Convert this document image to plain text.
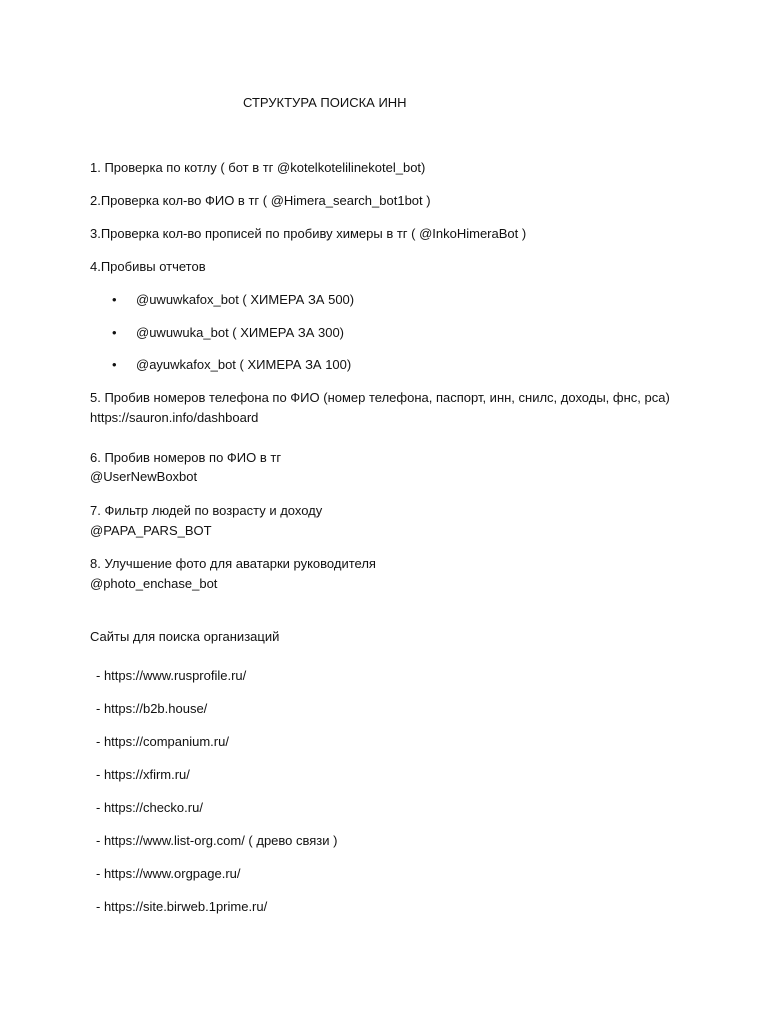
СТРУКТУРА ПОИСКА ИНН
1. Проверка по котлу ( бот в тг @kotelkotelilinekotel_bot)
2.Проверка кол-во ФИО в тг ( @Himera_search_bot1bot )
3.Проверка кол-во прописей по пробиву химеры в тг ( @InkoHimeraBot )
4.Пробивы отчетов
• @uwuwkafox_bot ( ХИМЕРА ЗА 500)
• @uwuwuka_bot ( ХИМЕРА ЗА 300)
• @ayuwkafox_bot ( ХИМЕРА ЗА 100)
5. Пробив номеров телефона по ФИО (номер телефона, паспорт, инн, снилс, доходы, фнс, рса)
https://sauron.info/dashboard
6. Пробив номеров по ФИО в тг
@UserNewBoxbot
7. Фильтр людей по возрасту и доходу
@PAPA_PARS_BOT
8. Улучшение фото для аватарки руководителя
@photo_enchase_bot
Сайты для поиска организаций
- https://www.rusprofile.ru/
- https://b2b.house/
- https://companium.ru/
- https://xfirm.ru/
- https://checko.ru/
- https://www.list-org.com/ ( древо связи )
- https://www.orgpage.ru/
- https://site.birweb.1prime.ru/
